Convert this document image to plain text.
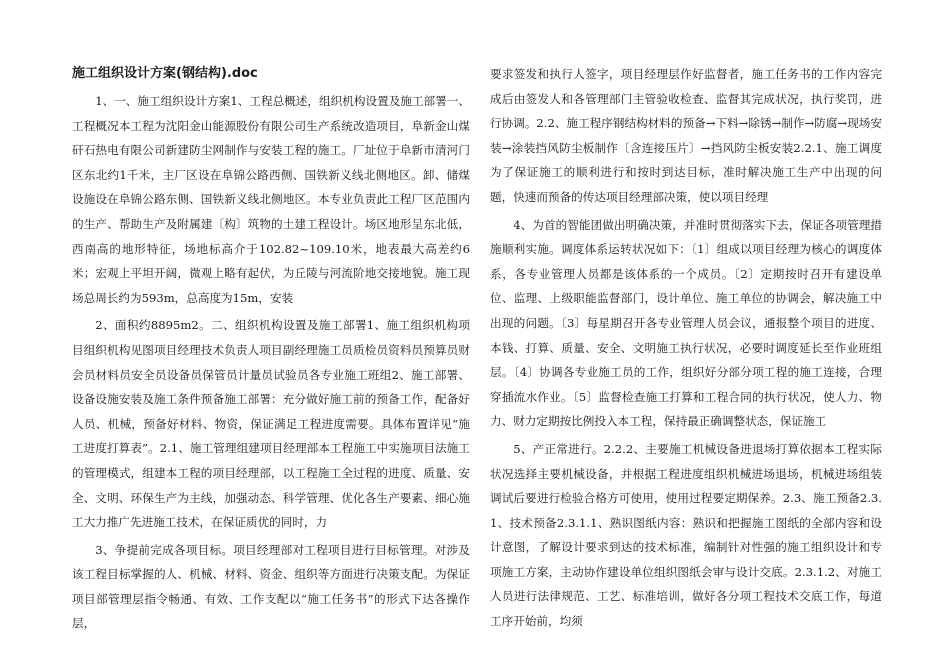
施工组织设计方案(钢结构).doc

1、一、施工组织设计方案1、工程总概述，组织机构设置及施工部署一、工程概况本工程为沈阳金山能源股份有限公司生产系统改造项目，阜新金山煤矸石热电有限公司新建防尘网制作与安装工程的施工。厂址位于阜新市清河门区东北约1千米，主厂区设在阜锦公路西侧、国铁新义线北侧地区。卸、储煤设施设在阜锦公路东侧、国铁新义线北侧地区。本专业负责此工程厂区范围内的生产、帮助生产及附属建〔构〕筑物的土建工程设计。场区地形呈东北低，西南高的地形特征，场地标高介于102.82~109.10米，地表最大高差约6米；宏观上平坦开阔，微观上略有起伏，为丘陵与河流阶地交接地貌。施工现场总周长约为593m，总高度为15m，安装

2、面积约8895m2。二、组织机构设置及施工部署1、施工组织机构项目组织机构见图项目经理技术负责人项目副经理施工员质检员资料员预算员财会员材料员安全员设备员保管员计量员试验员各专业施工班组2、施工部署、设备设施安装及施工条件预备施工部署：充分做好施工前的预备工作，配备好人员、机械，预备好材料、物资，保证满足工程进度需要。具体布置详见“施工进度打算表”。2.1、施工管理组建项目经理部本工程施工中实施项目法施工的管理模式，组建本工程的项目经理部，以工程施工全过程的进度、质量、安全、文明、环保生产为主线，加强动态、科学管理、优化各生产要素、细心施工大力推广先进施工技术，在保证质优的同时，力

3、争提前完成各项目标。项目经理部对工程项目进行目标管理。对涉及该工程目标掌握的人、机械、材料、资金、组织等方面进行决策支配。为保证项目部管理层指令畅通、有效、工作支配以“施工任务书”的形式下达各操作层，

要求签发和执行人签字，项目经理层作好监督者，施工任务书的工作内容完成后由签发人和各管理部门主管验收检查、监督其完成状况，执行奖罚，进行协调。2.2、施工程序钢结构材料的预备→下料→除锈→制作→防腐→现场安装→涂装挡风防尘板制作〔含连接压片〕→挡风防尘板安装2.2.1、施工调度为了保证施工的顺利进行和按时到达目标，准时解决施工生产中出现的问题，快速而预备的传达项目经理部决策，使以项目经理

4、为首的智能团做出明确决策，并准时贯彻落实下去，保证各项管理措施顺利实施。调度体系运转状况如下：〔1〕组成以项目经理为核心的调度体系，各专业管理人员都是该体系的一个成员。〔2〕定期按时召开有建设单位、监理、上级职能监督部门，设计单位、施工单位的协调会，解决施工中出现的问题。〔3〕每星期召开各专业管理人员会议，通报整个项目的进度、本钱、打算、质量、安全、文明施工执行状况，必要时调度延长至作业班组层。〔4〕协调各专业施工员的工作，组织好分部分项工程的施工连接，合理穿插流水作业。〔5〕监督检查施工打算和工程合同的执行状况，使人力、物力、财力定期按比例投入本工程，保持最正确调整状态，保证施工

5、产正常进行。2.2.2、主要施工机械设备进退场打算依据本工程实际状况选择主要机械设备，并根据工程进度组织机械进场退场，机械进场组装调试后要进行检验合格方可使用，使用过程要定期保养。2.3、施工预备2.3.1、技术预备2.3.1.1、熟识图纸内容：熟识和把握施工图纸的全部内容和设计意图，了解设计要求到达的技术标准，编制针对性强的施工组织设计和专项施工方案，主动协作建设单位组织图纸会审与设计交底。2.3.1.2、对施工人员进行法律规范、工艺、标准培训，做好各分项工程技术交底工作，每道工序开始前，均须
